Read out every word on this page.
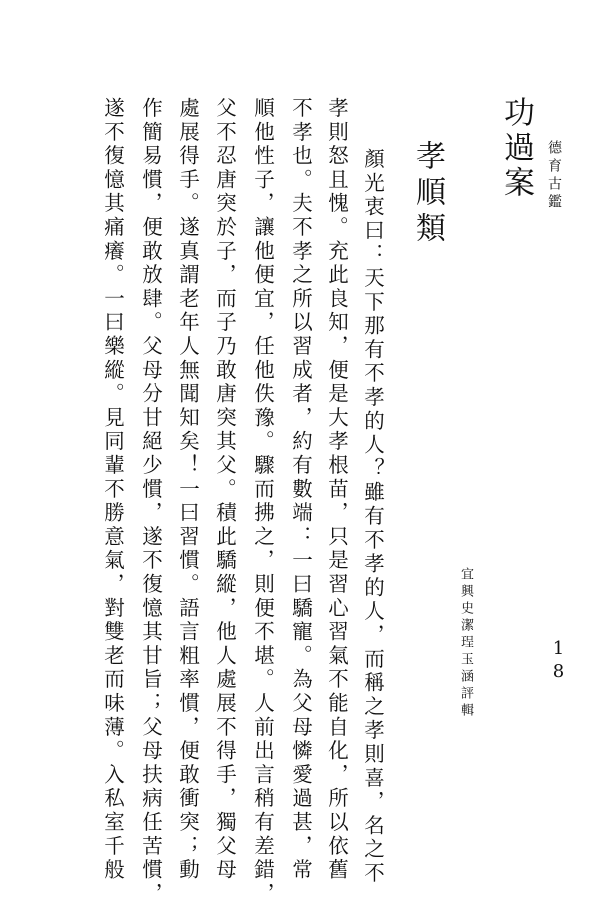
德育古鑑
功過案
孝順類

顏光衷曰：天下那有不孝的人？雖有不孝的人，而稱之孝則喜，名之不

孝則怒且愧。充此良知，便是大孝根苗，只是習心習氣不能自化，所以依舊

不孝也。夫不孝之所以習成者，約有數端：一曰驕寵。為父母憐愛過甚，常

順他性子，讓他便宜，任他佚豫。驟而拂之，則便不堪。人前出言稍有差錯，

父不忍唐突於子，而子乃敢唐突其父。積此驕縱，他人處展不得手，獨父母

處展得手。遂真謂老年人無聞知矣！一曰習慣。語言粗率慣，便敢衝突；動

作簡易慣，便敢放肆。父母分甘絕少慣，遂不復憶其甘旨；父母扶病任苦慣，

遂不復憶其痛癢。一曰樂縱。見同輩不勝意氣，對雙老而味薄。入私室千般	宜興史潔珵玉涵評輯	18
